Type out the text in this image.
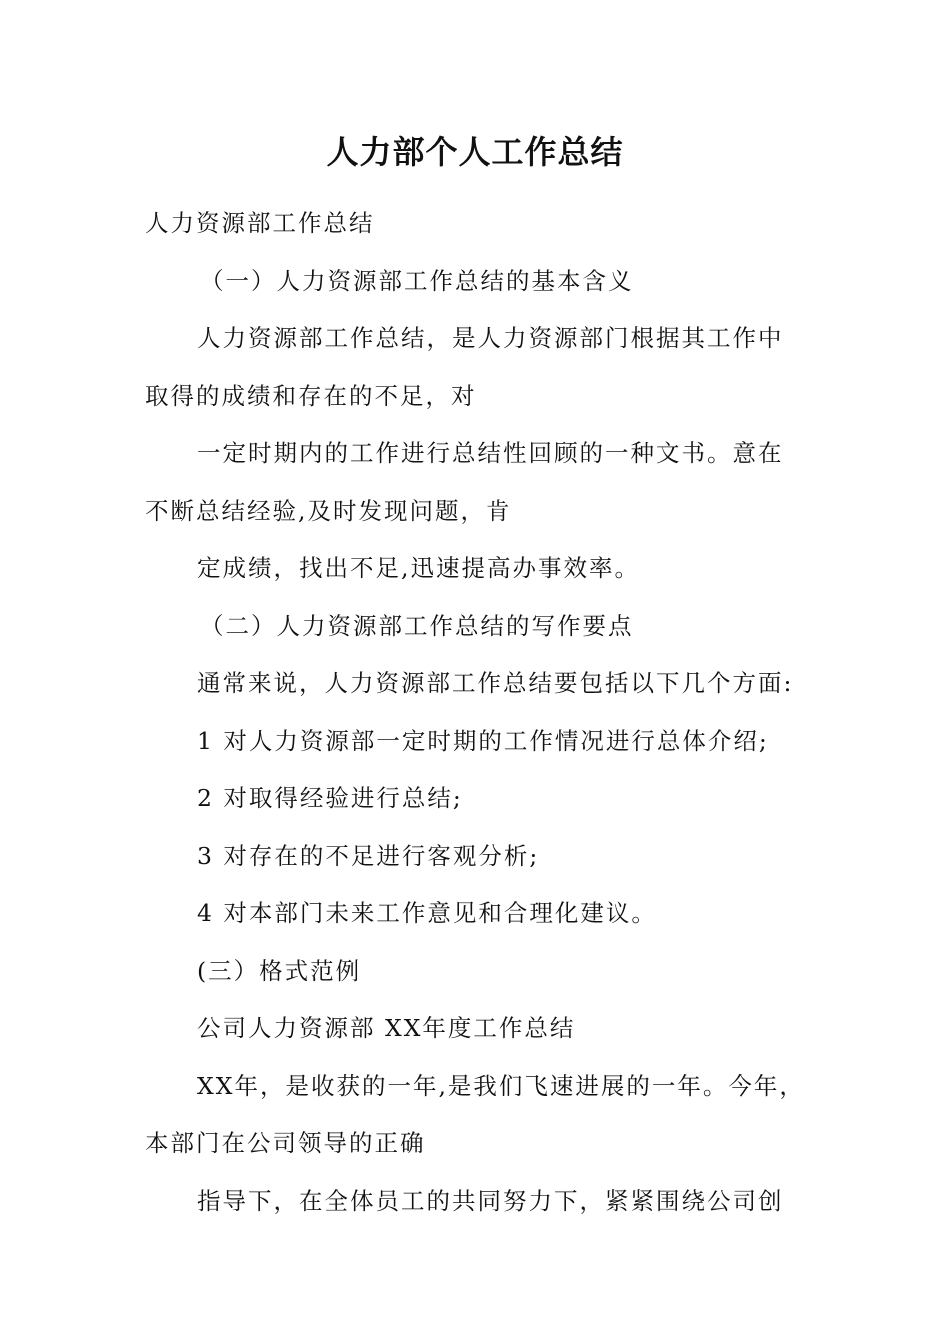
人力部个人工作总结

人力资源部工作总结

（一）人力资源部工作总结的基本含义

人力资源部工作总结，是人力资源部门根据其工作中

取得的成绩和存在的不足，对

一定时期内的工作进行总结性回顾的一种文书。意在

不断总结经验,及时发现问题，肯

定成绩，找出不足,迅速提高办事效率。

（二）人力资源部工作总结的写作要点

通常来说，人力资源部工作总结要包括以下几个方面:

1 对人力资源部一定时期的工作情况进行总体介绍;

2 对取得经验进行总结;

3 对存在的不足进行客观分析;

4 对本部门未来工作意见和合理化建议。

(三）格式范例

公司人力资源部 XX年度工作总结

XX年，是收获的一年,是我们飞速进展的一年。今年，

本部门在公司领导的正确

指导下，在全体员工的共同努力下，紧紧围绕公司创
